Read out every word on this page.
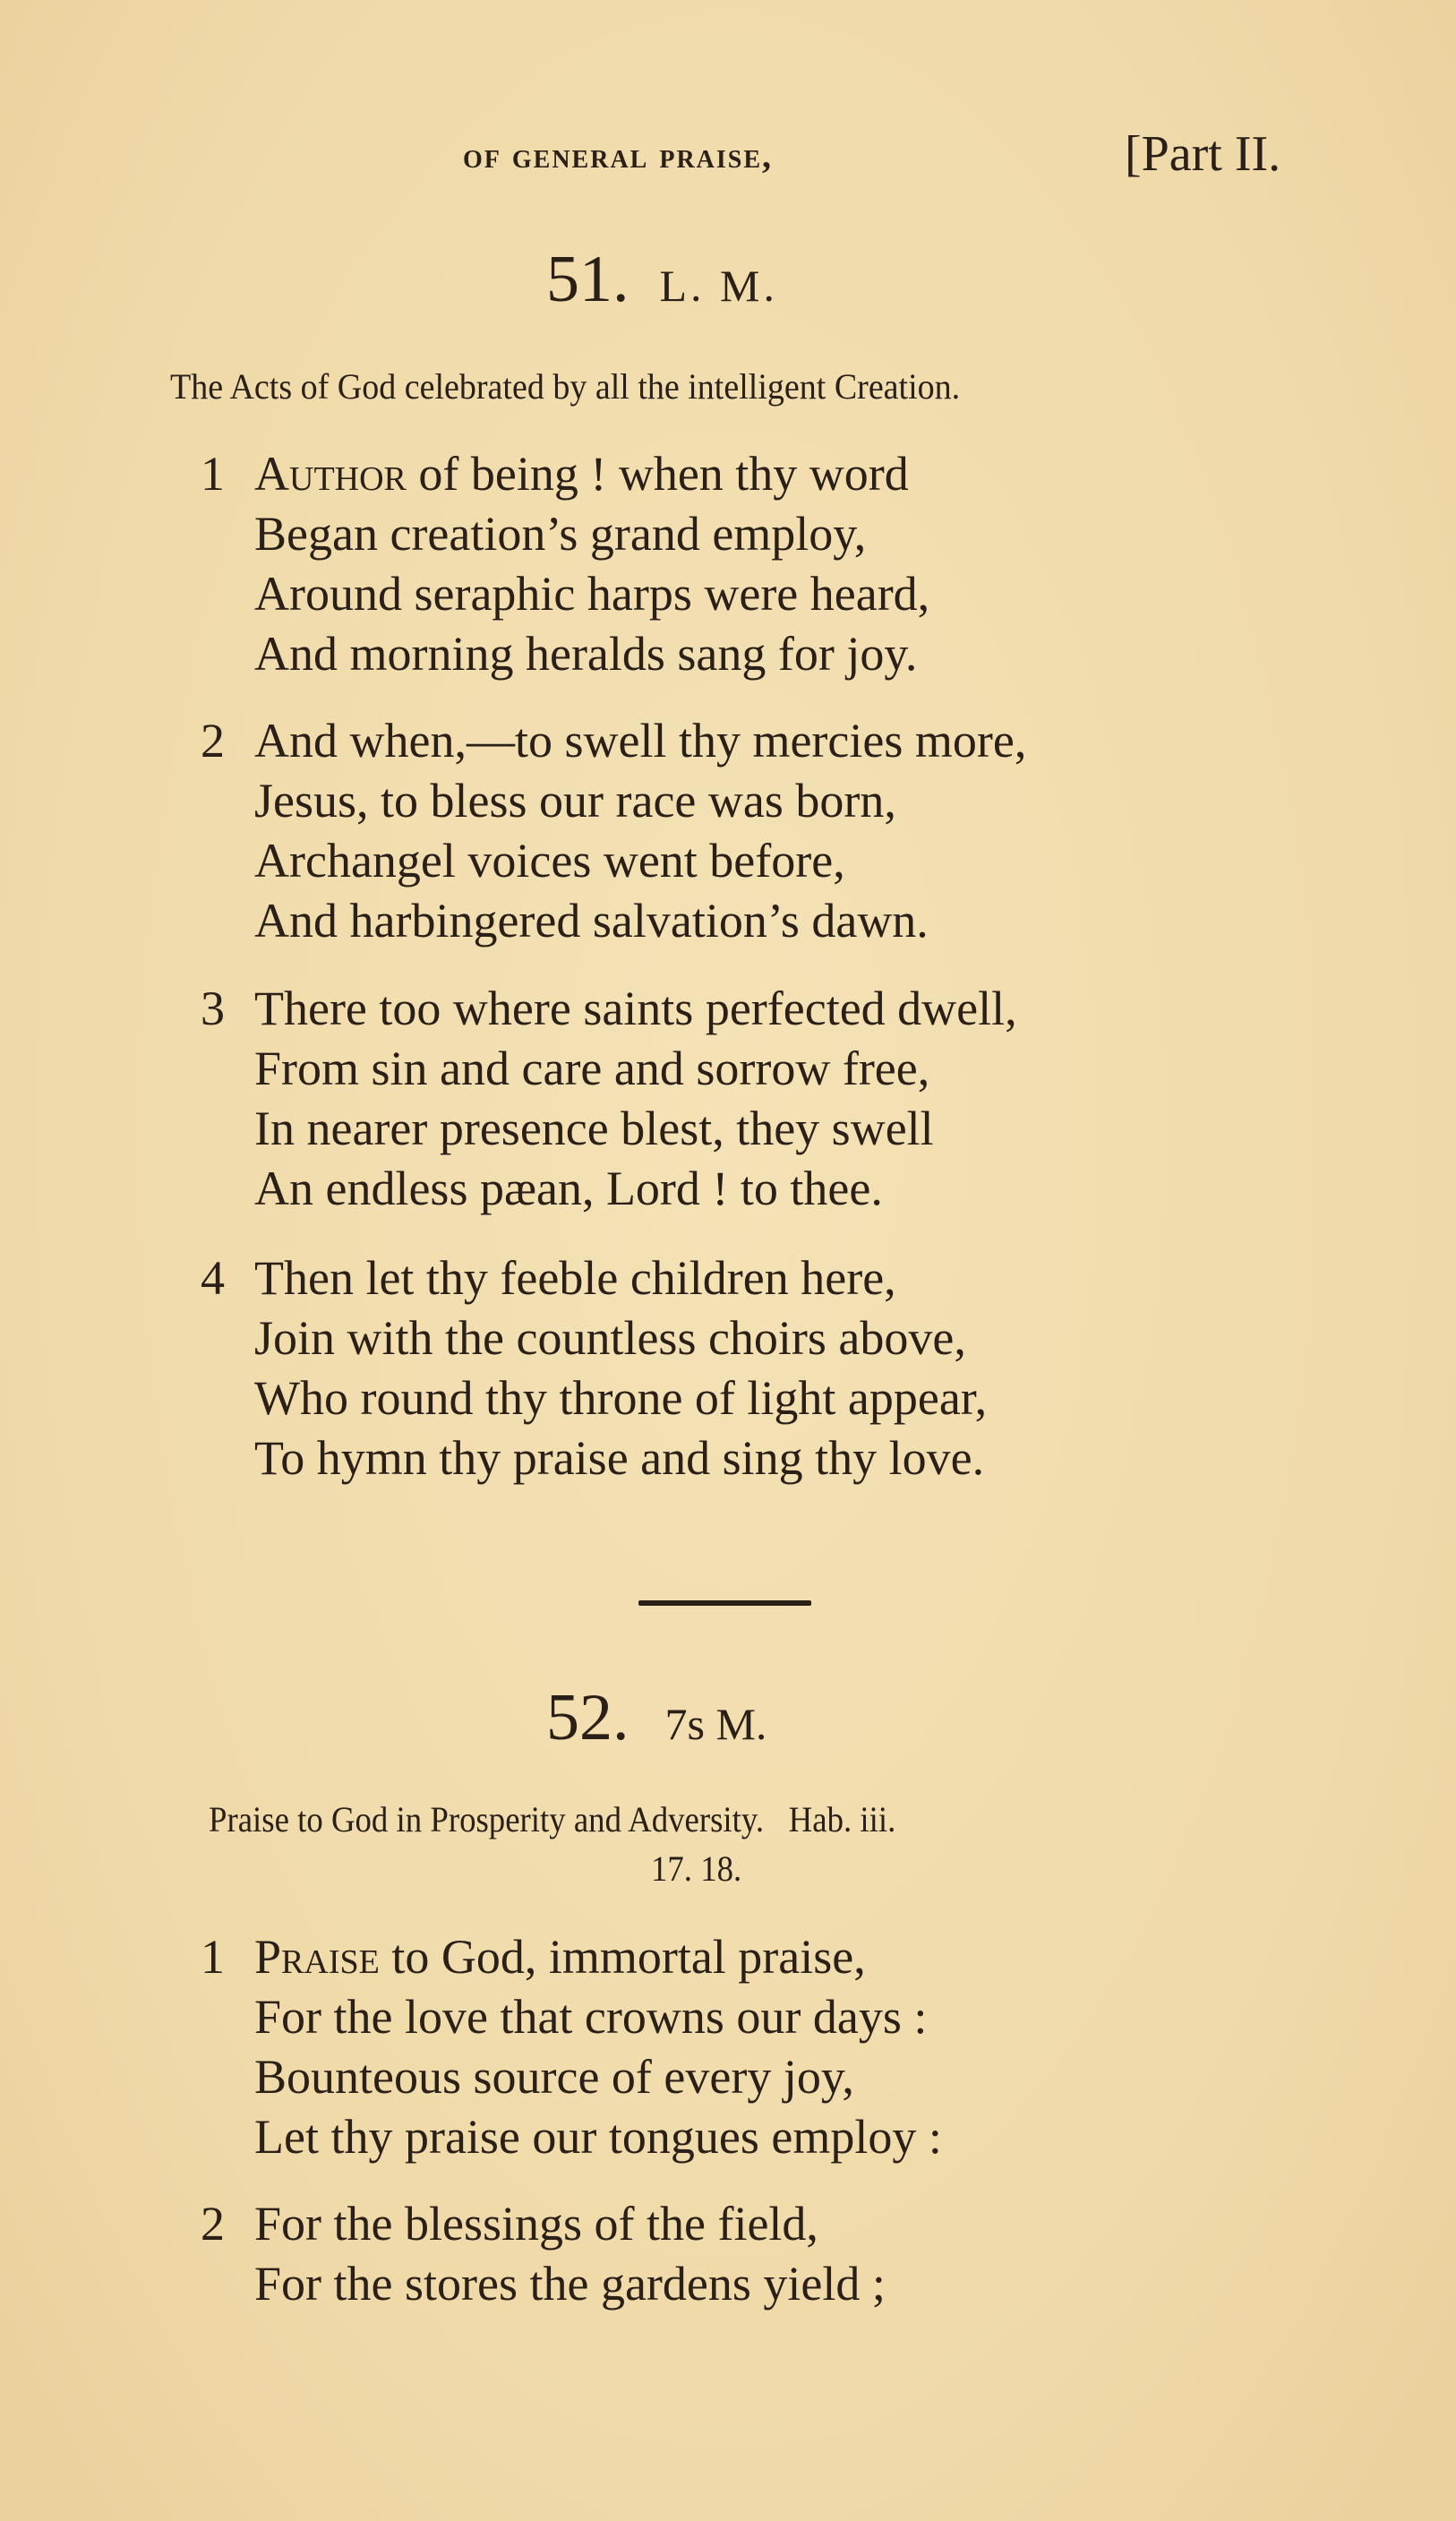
of general praise,	[Part II.
51. L. M.
The Acts of God celebrated by all the intelligent Creation.
1 Author of being ! when thy word
Began creation’s grand employ,
Around seraphic harps were heard,
And morning heralds sang for joy.
2 And when,—to swell thy mercies more,
Jesus, to bless our race was born,
Archangel voices went before,
And harbingered salvation’s dawn.
3 There too where saints perfected dwell,
From sin and care and sorrow free,
In nearer presence blest, they swell
An endless pæan, Lord ! to thee.
4 Then let thy feeble children here,
Join with the countless choirs above,
Who round thy throne of light appear,
To hymn thy praise and sing thy love.
52. 7s M.
Praise to God in Prosperity and Adversity.   Hab. iii.
17. 18.
1 Praise to God, immortal praise,
For the love that crowns our days :
Bounteous source of every joy,
Let thy praise our tongues employ :
2 For the blessings of the field,
For the stores the gardens yield ;
